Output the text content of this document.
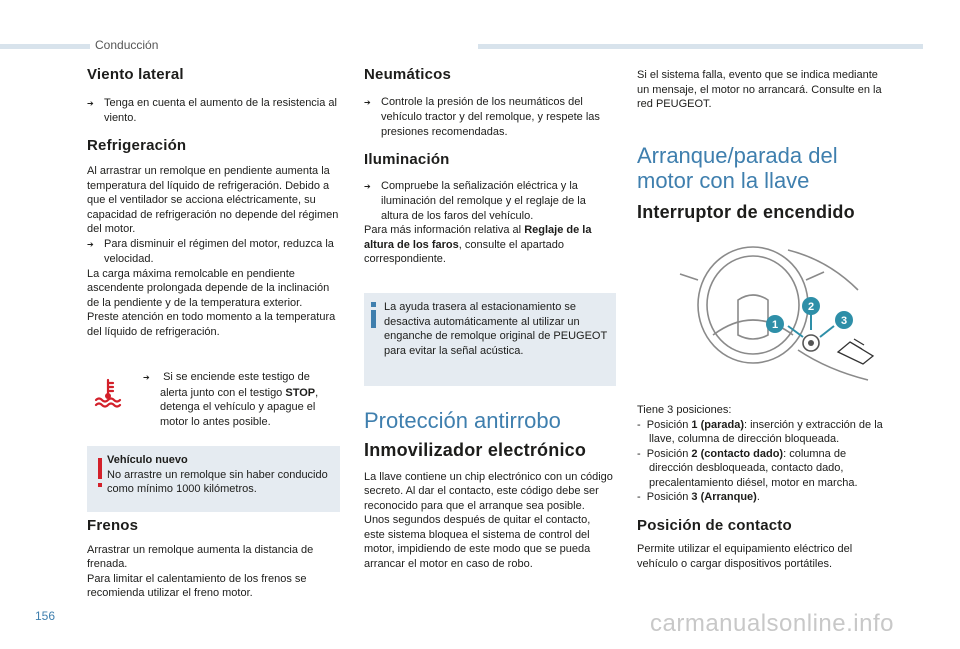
Conducción
Viento lateral

➔ Tenga en cuenta el aumento de la resistencia al viento.

Refrigeración

Al arrastrar un remolque en pendiente aumenta la temperatura del líquido de refrigeración. Debido a que el ventilador se acciona eléctricamente, su capacidad de refrigeración no depende del régimen del motor.

➔ Para disminuir el régimen del motor, reduzca la velocidad.

La carga máxima remolcable en pendiente ascendente prolongada depende de la inclinación de la pendiente y de la temperatura exterior.

Preste atención en todo momento a la temperatura del líquido de refrigeración.

➔ Si se enciende este testigo de alerta junto con el testigo STOP, detenga el vehículo y apague el motor lo antes posible.

Vehículo nuevo

No arrastre un remolque sin haber conducido como mínimo 1000 kilómetros.

Frenos

Arrastrar un remolque aumenta la distancia de frenada.

Para limitar el calentamiento de los frenos se recomienda utilizar el freno motor.

Neumáticos

➔ Controle la presión de los neumáticos del vehículo tractor y del remolque, y respete las presiones recomendadas.

Iluminación

➔ Compruebe la señalización eléctrica y la iluminación del remolque y el reglaje de la altura de los faros del vehículo.

Para más información relativa al Reglaje de la altura de los faros, consulte el apartado correspondiente.

La ayuda trasera al estacionamiento se desactiva automáticamente al utilizar un enganche de remolque original de PEUGEOT para evitar la señal acústica.

Protección antirrobo
Inmovilizador electrónico

La llave contiene un chip electrónico con un código secreto. Al dar el contacto, este código debe ser reconocido para que el arranque sea posible.

Unos segundos después de quitar el contacto, este sistema bloquea el sistema de control del motor, impidiendo de este modo que se pueda arrancar el motor en caso de robo.

Si el sistema falla, evento que se indica mediante un mensaje, el motor no arrancará. Consulte en la red PEUGEOT.

Arranque/parada del motor con la llave
Interruptor de encendido
1
2
3

Tiene 3 posiciones:

-  Posición 1 (parada): inserción y extracción de la llave, columna de dirección bloqueada.

-  Posición 2 (contacto dado): columna de dirección desbloqueada, contacto dado, precalentamiento diésel, motor en marcha.

-  Posición 3 (Arranque).

Posición de contacto

Permite utilizar el equipamiento eléctrico del vehículo o cargar dispositivos portátiles.

156	carmanualsonline.info
